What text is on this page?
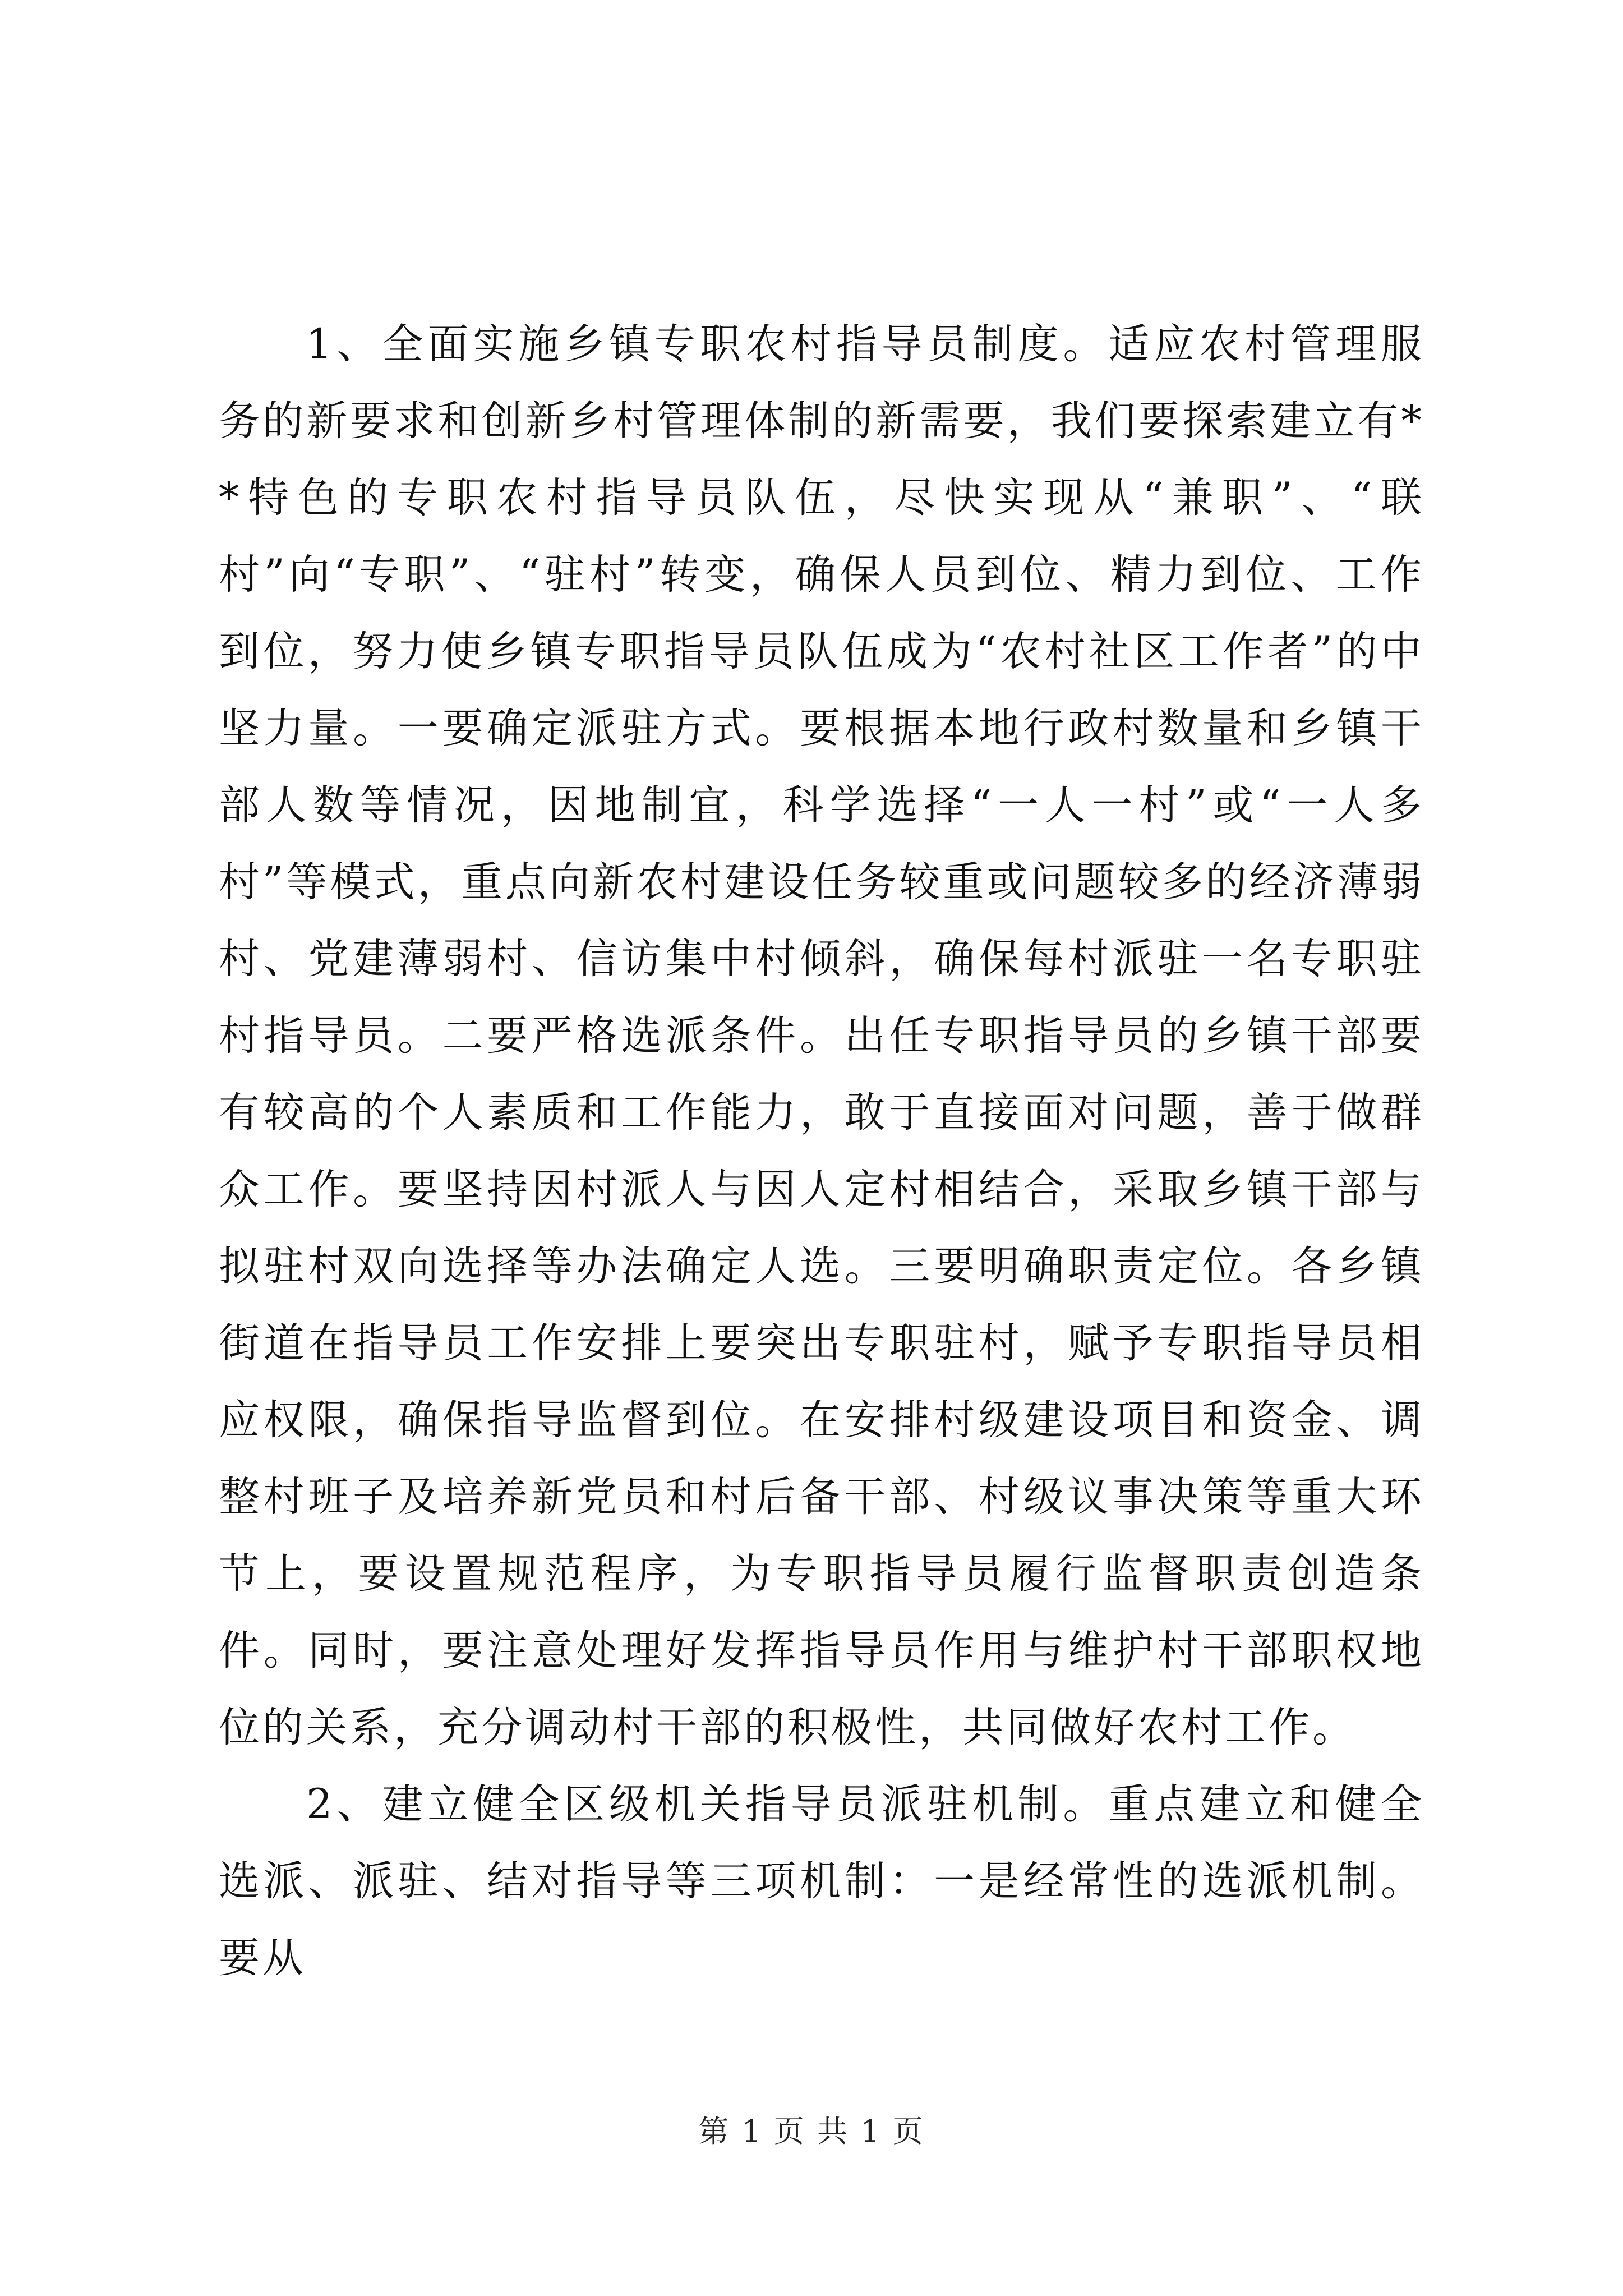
1、全面实施乡镇专职农村指导员制度。适应农村管理服务的新要求和创新乡村管理体制的新需要，我们要探索建立有**特色的专职农村指导员队伍，尽快实现从“兼职”、“联村”向“专职”、“驻村”转变，确保人员到位、精力到位、工作到位，努力使乡镇专职指导员队伍成为“农村社区工作者”的中坚力量。一要确定派驻方式。要根据本地行政村数量和乡镇干部人数等情况，因地制宜，科学选择“一人一村”或“一人多村”等模式，重点向新农村建设任务较重或问题较多的经济薄弱村、党建薄弱村、信访集中村倾斜，确保每村派驻一名专职驻村指导员。二要严格选派条件。出任专职指导员的乡镇干部要有较高的个人素质和工作能力，敢于直接面对问题，善于做群众工作。要坚持因村派人与因人定村相结合，采取乡镇干部与拟驻村双向选择等办法确定人选。三要明确职责定位。各乡镇街道在指导员工作安排上要突出专职驻村，赋予专职指导员相应权限，确保指导监督到位。在安排村级建设项目和资金、调整村班子及培养新党员和村后备干部、村级议事决策等重大环节上，要设置规范程序，为专职指导员履行监督职责创造条件。同时，要注意处理好发挥指导员作用与维护村干部职权地位的关系，充分调动村干部的积极性，共同做好农村工作。

2、建立健全区级机关指导员派驻机制。重点建立和健全选派、派驻、结对指导等三项机制：一是经常性的选派机制。要从

第 1 页 共 1 页
